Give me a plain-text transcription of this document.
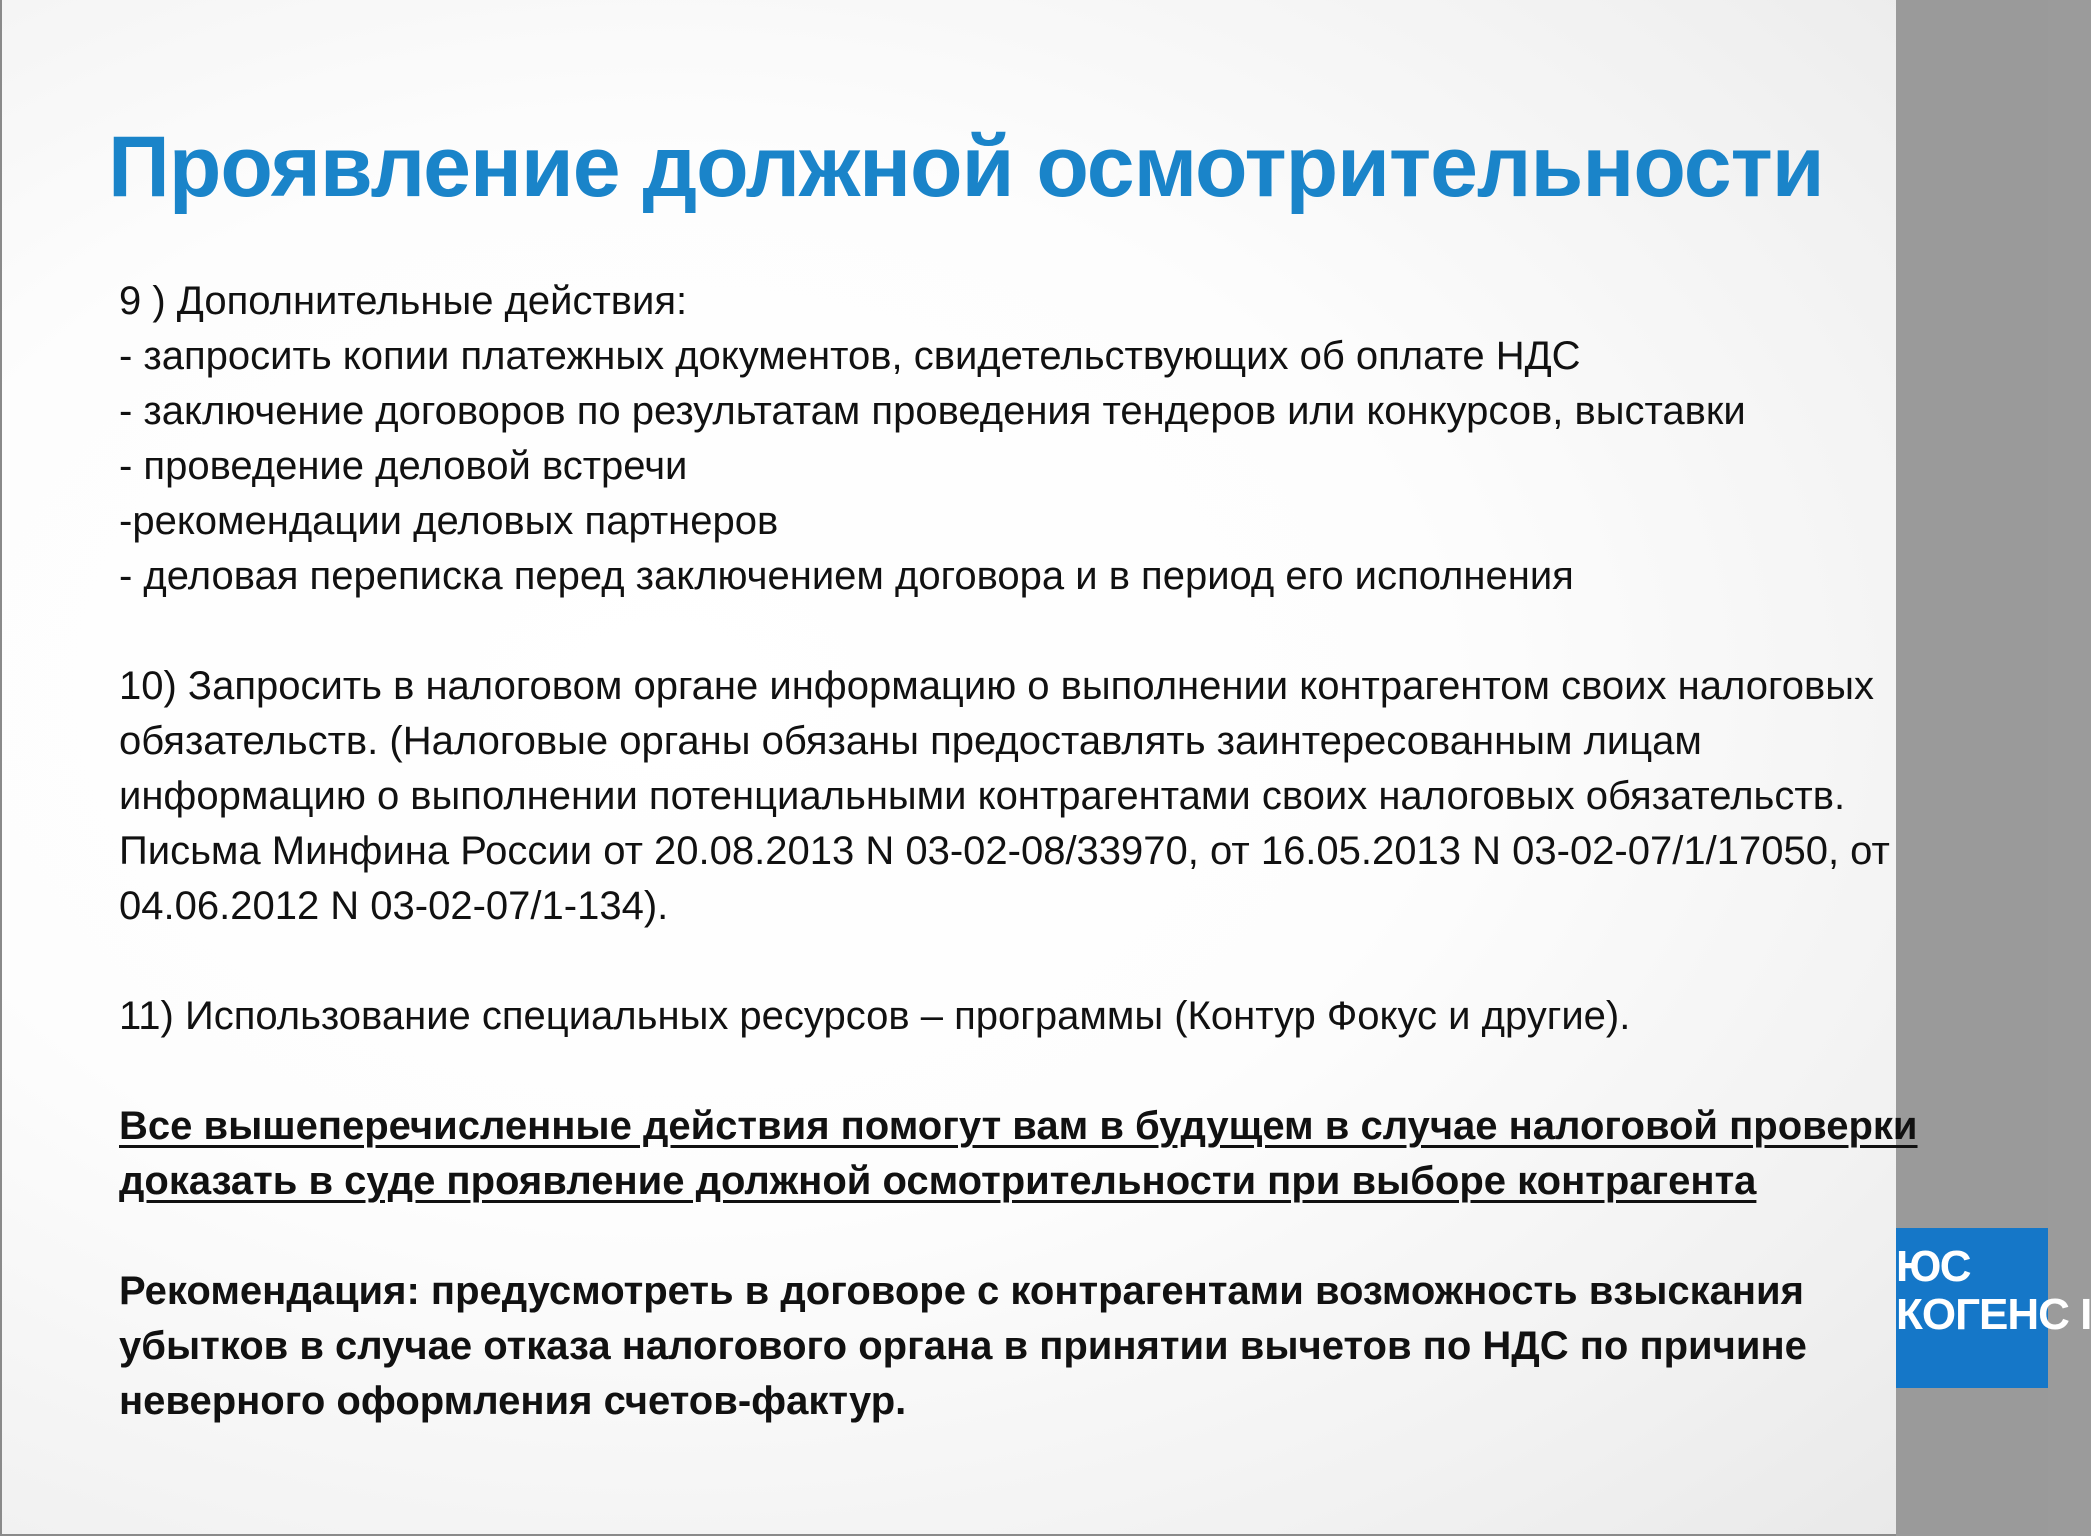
Проявление должной осмотрительности
9 ) Дополнительные действия:
- запросить копии платежных документов, свидетельствующих об оплате НДС
- заключение договоров по результатам проведения тендеров или конкурсов, выставки
- проведение деловой встречи
-рекомендации деловых партнеров
- деловая переписка перед заключением договора и в период его исполнения
10) Запросить в налоговом органе информацию о выполнении контрагентом своих налоговых
обязательств. (Налоговые органы обязаны предоставлять заинтересованным лицам
информацию о выполнении потенциальными контрагентами своих налоговых обязательств.
Письма Минфина России от 20.08.2013 N 03-02-08/33970, от 16.05.2013 N 03-02-07/1/17050, от
04.06.2012 N 03-02-07/1-134).
11) Использование специальных ресурсов – программы (Контур Фокус и другие).
Все вышеперечисленные действия помогут вам в будущем в случае налоговой проверки
доказать в суде проявление должной осмотрительности при выборе контрагента
Рекомендация: предусмотреть в договоре с контрагентами возможность взыскания
убытков в случае отказа налогового органа в принятии вычетов по НДС по причине
неверного оформления счетов-фактур.
ЮС
КОГЕНС I
